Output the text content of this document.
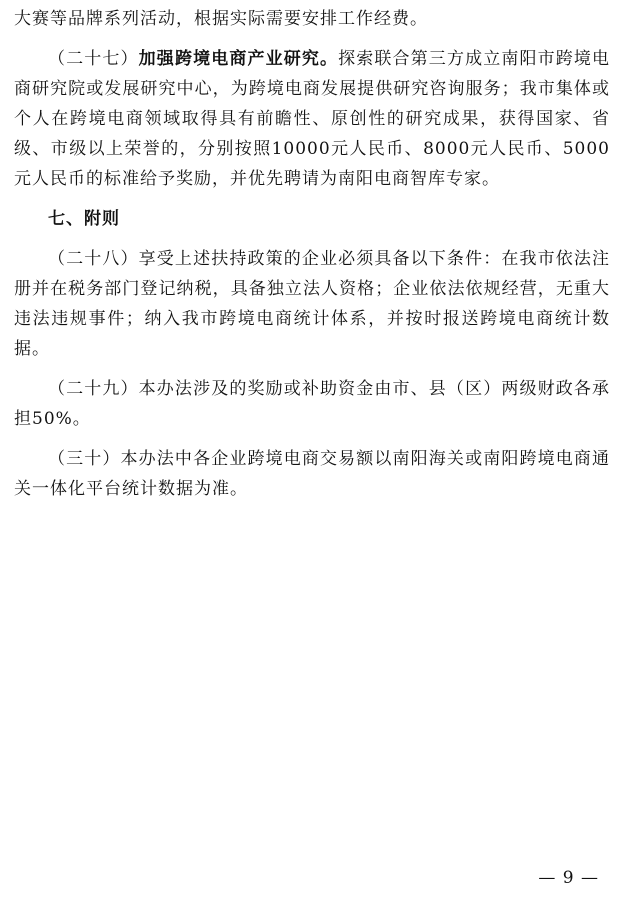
大赛等品牌系列活动，根据实际需要安排工作经费。

（二十七）加强跨境电商产业研究。探索联合第三方成立南阳市跨境电商研究院或发展研究中心，为跨境电商发展提供研究咨询服务；我市集体或个人在跨境电商领域取得具有前瞻性、原创性的研究成果，获得国家、省级、市级以上荣誉的，分别按照10000元人民币、8000元人民币、5000元人民币的标准给予奖励，并优先聘请为南阳电商智库专家。

七、附则

（二十八）享受上述扶持政策的企业必须具备以下条件：在我市依法注册并在税务部门登记纳税，具备独立法人资格；企业依法依规经营，无重大违法违规事件；纳入我市跨境电商统计体系，并按时报送跨境电商统计数据。

（二十九）本办法涉及的奖励或补助资金由市、县（区）两级财政各承担50%。

（三十）本办法中各企业跨境电商交易额以南阳海关或南阳跨境电商通关一体化平台统计数据为准。

— 9 —
